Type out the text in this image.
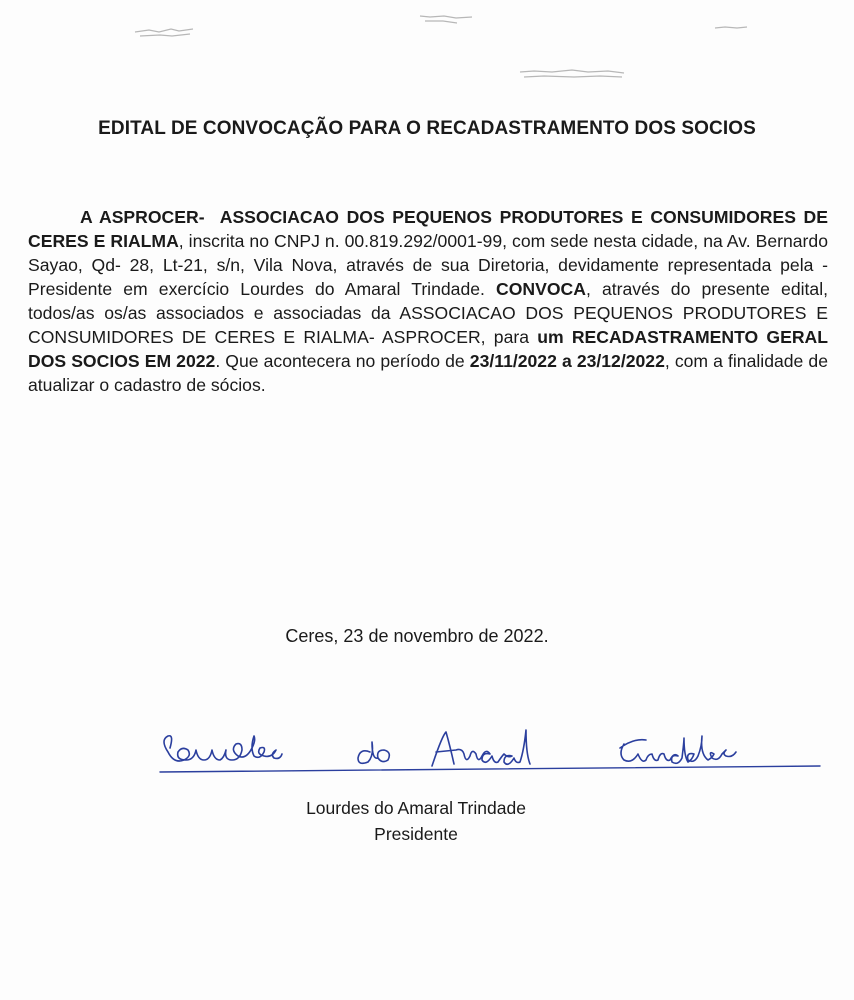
EDITAL DE CONVOCAÇÃO PARA O RECADASTRAMENTO DOS SOCIOS
A ASPROCER- ASSOCIACAO DOS PEQUENOS PRODUTORES E CONSUMIDORES DE CERES E RIALMA, inscrita no CNPJ n. 00.819.292/0001-99, com sede nesta cidade, na Av. Bernardo Sayao, Qd- 28, Lt-21, s/n, Vila Nova, através de sua Diretoria, devidamente representada pela - Presidente em exercício Lourdes do Amaral Trindade. CONVOCA, através do presente edital, todos/as os/as associados e associadas da ASSOCIACAO DOS PEQUENOS PRODUTORES E CONSUMIDORES DE CERES E RIALMA- ASPROCER, para um RECADASTRAMENTO GERAL DOS SOCIOS EM 2022. Que acontecera no período de 23/11/2022 a 23/12/2022, com a finalidade de atualizar o cadastro de sócios.
Ceres, 23 de novembro de 2022.
Lourdes do Amaral Trindade
Presidente
